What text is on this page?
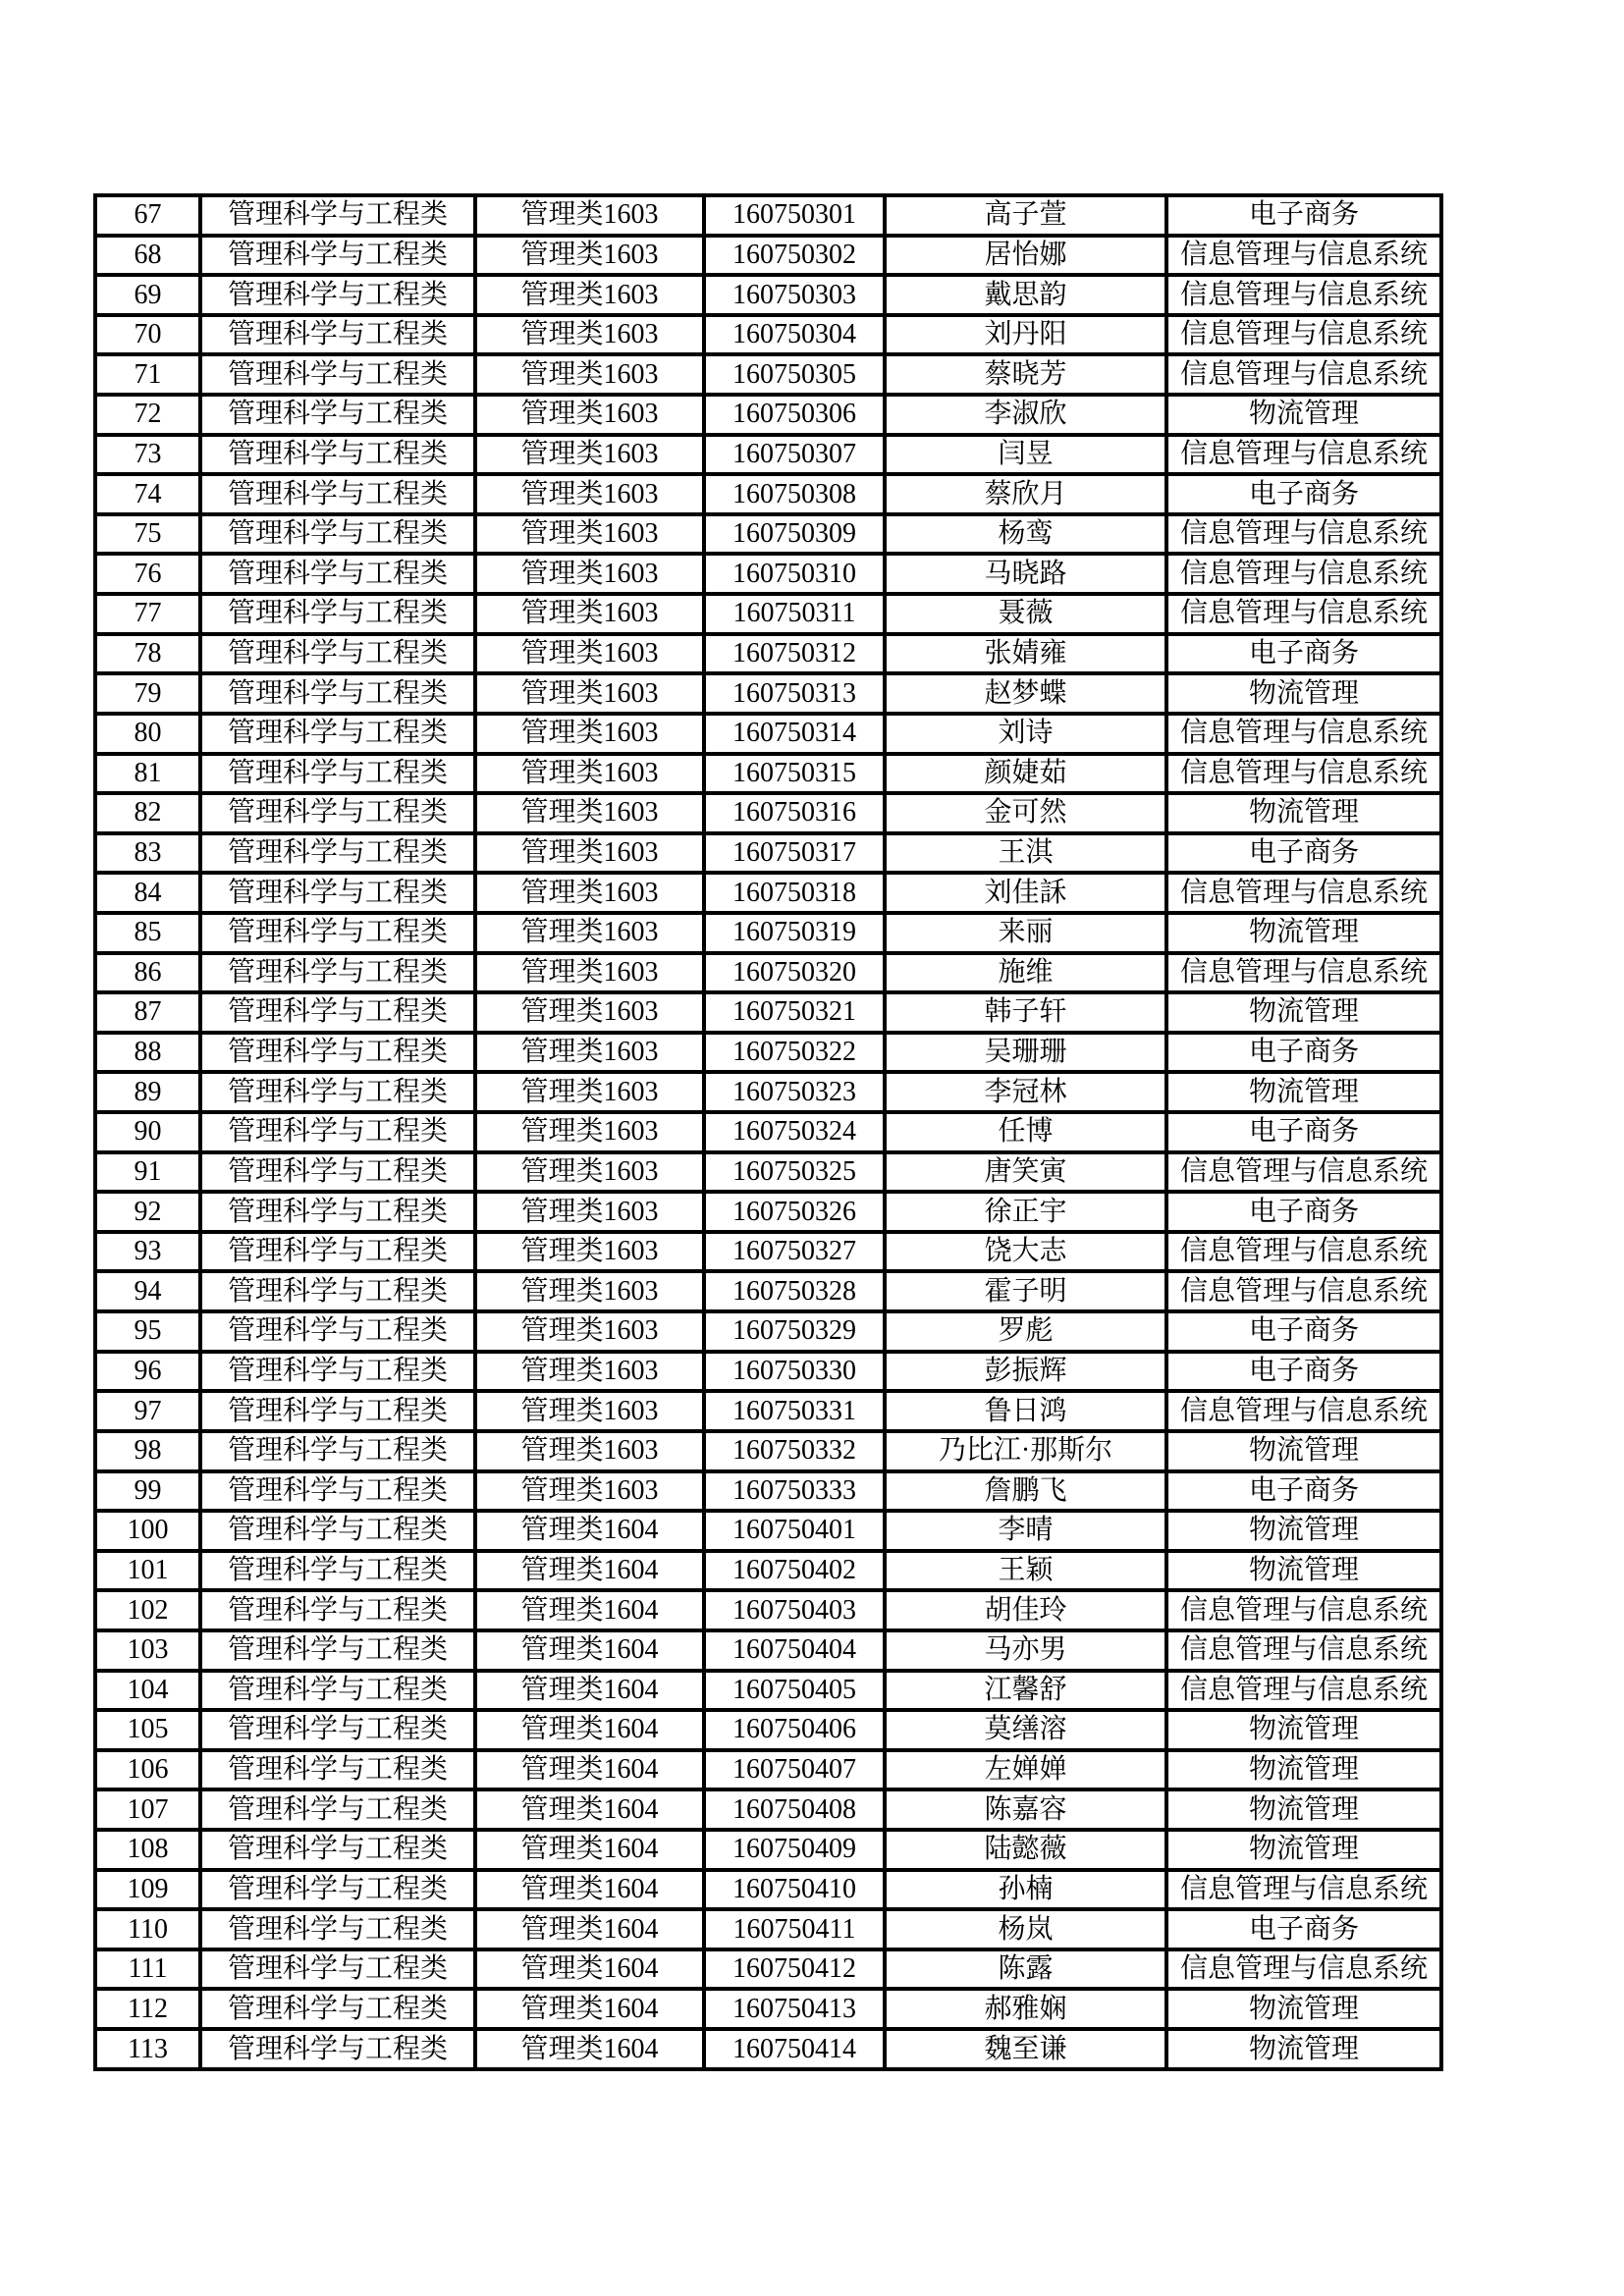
67	管理科学与工程类	管理类1603	160750301	高子萱	电子商务
68	管理科学与工程类	管理类1603	160750302	居怡娜	信息管理与信息系统
69	管理科学与工程类	管理类1603	160750303	戴思韵	信息管理与信息系统
70	管理科学与工程类	管理类1603	160750304	刘丹阳	信息管理与信息系统
71	管理科学与工程类	管理类1603	160750305	蔡晓芳	信息管理与信息系统
72	管理科学与工程类	管理类1603	160750306	李淑欣	物流管理
73	管理科学与工程类	管理类1603	160750307	闫昱	信息管理与信息系统
74	管理科学与工程类	管理类1603	160750308	蔡欣月	电子商务
75	管理科学与工程类	管理类1603	160750309	杨鸾	信息管理与信息系统
76	管理科学与工程类	管理类1603	160750310	马晓路	信息管理与信息系统
77	管理科学与工程类	管理类1603	160750311	聂薇	信息管理与信息系统
78	管理科学与工程类	管理类1603	160750312	张婧雍	电子商务
79	管理科学与工程类	管理类1603	160750313	赵梦蝶	物流管理
80	管理科学与工程类	管理类1603	160750314	刘诗	信息管理与信息系统
81	管理科学与工程类	管理类1603	160750315	颜婕茹	信息管理与信息系统
82	管理科学与工程类	管理类1603	160750316	金可然	物流管理
83	管理科学与工程类	管理类1603	160750317	王淇	电子商务
84	管理科学与工程类	管理类1603	160750318	刘佳訸	信息管理与信息系统
85	管理科学与工程类	管理类1603	160750319	来丽	物流管理
86	管理科学与工程类	管理类1603	160750320	施维	信息管理与信息系统
87	管理科学与工程类	管理类1603	160750321	韩子轩	物流管理
88	管理科学与工程类	管理类1603	160750322	吴珊珊	电子商务
89	管理科学与工程类	管理类1603	160750323	李冠林	物流管理
90	管理科学与工程类	管理类1603	160750324	任博	电子商务
91	管理科学与工程类	管理类1603	160750325	唐笑寅	信息管理与信息系统
92	管理科学与工程类	管理类1603	160750326	徐正宇	电子商务
93	管理科学与工程类	管理类1603	160750327	饶大志	信息管理与信息系统
94	管理科学与工程类	管理类1603	160750328	霍子明	信息管理与信息系统
95	管理科学与工程类	管理类1603	160750329	罗彪	电子商务
96	管理科学与工程类	管理类1603	160750330	彭振辉	电子商务
97	管理科学与工程类	管理类1603	160750331	鲁日鸿	信息管理与信息系统
98	管理科学与工程类	管理类1603	160750332	乃比江·那斯尔	物流管理
99	管理科学与工程类	管理类1603	160750333	詹鹏飞	电子商务
100	管理科学与工程类	管理类1604	160750401	李晴	物流管理
101	管理科学与工程类	管理类1604	160750402	王颖	物流管理
102	管理科学与工程类	管理类1604	160750403	胡佳玲	信息管理与信息系统
103	管理科学与工程类	管理类1604	160750404	马亦男	信息管理与信息系统
104	管理科学与工程类	管理类1604	160750405	江馨舒	信息管理与信息系统
105	管理科学与工程类	管理类1604	160750406	莫缮溶	物流管理
106	管理科学与工程类	管理类1604	160750407	左婵婵	物流管理
107	管理科学与工程类	管理类1604	160750408	陈嘉容	物流管理
108	管理科学与工程类	管理类1604	160750409	陆懿薇	物流管理
109	管理科学与工程类	管理类1604	160750410	孙楠	信息管理与信息系统
110	管理科学与工程类	管理类1604	160750411	杨岚	电子商务
111	管理科学与工程类	管理类1604	160750412	陈露	信息管理与信息系统
112	管理科学与工程类	管理类1604	160750413	郝雅娴	物流管理
113	管理科学与工程类	管理类1604	160750414	魏至谦	物流管理
